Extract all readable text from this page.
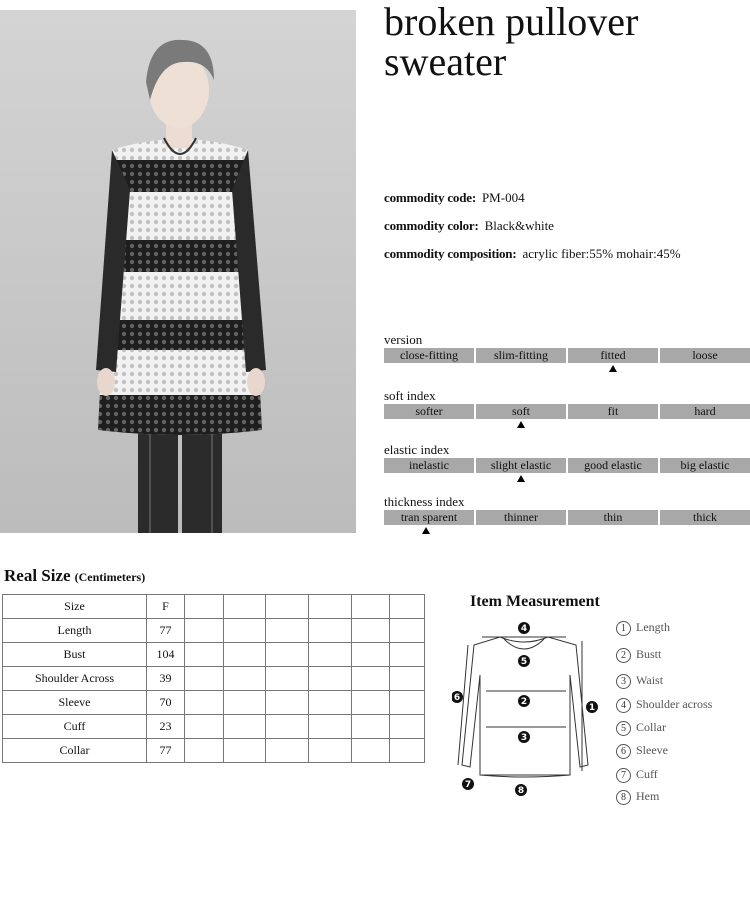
broken pullover
sweater
commodity code: PM-004
commodity color: Black&white
commodity composition: acrylic fiber:55% mohair:45%
version
close-fitting	slim-fitting	fitted	loose
soft index
softer	soft	fit	hard
elastic index
inelastic	slight elastic	good elastic	big elastic
thickness index
tran sparent	thinner	thin	thick
Real Size (Centimeters)
Size	F						
Length	77						
Bust	104						
Shoulder Across	39						
Sleeve	70						
Cuff	23						
Collar	77						
Item Measurement
4
5
2
3
1
6
7
8
1 Length
2 Bustt
3 Waist
4 Shoulder across
5 Collar
6 Sleeve
7 Cuff
8 Hem
